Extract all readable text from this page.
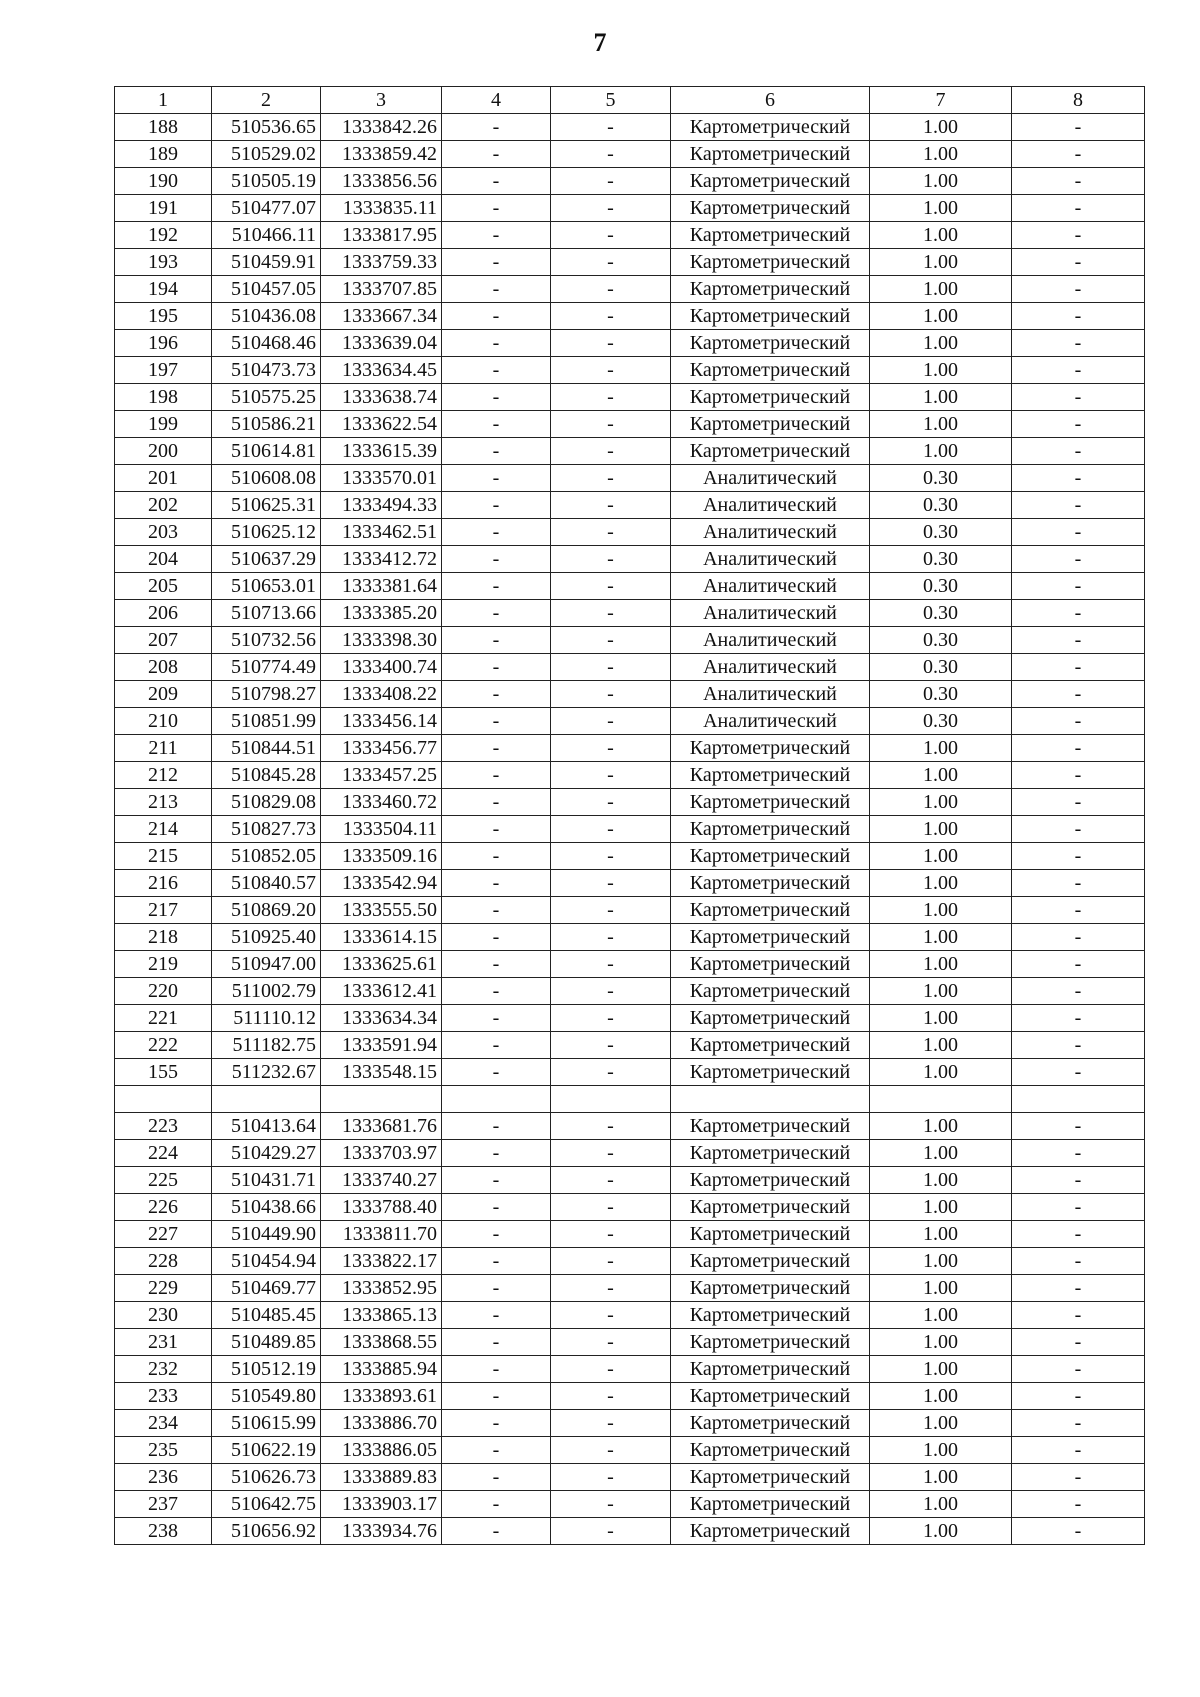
7
1	2	3	4	5	6	7	8
188	510536.65	1333842.26	-	-	Картометрический	1.00	-
189	510529.02	1333859.42	-	-	Картометрический	1.00	-
190	510505.19	1333856.56	-	-	Картометрический	1.00	-
191	510477.07	1333835.11	-	-	Картометрический	1.00	-
192	510466.11	1333817.95	-	-	Картометрический	1.00	-
193	510459.91	1333759.33	-	-	Картометрический	1.00	-
194	510457.05	1333707.85	-	-	Картометрический	1.00	-
195	510436.08	1333667.34	-	-	Картометрический	1.00	-
196	510468.46	1333639.04	-	-	Картометрический	1.00	-
197	510473.73	1333634.45	-	-	Картометрический	1.00	-
198	510575.25	1333638.74	-	-	Картометрический	1.00	-
199	510586.21	1333622.54	-	-	Картометрический	1.00	-
200	510614.81	1333615.39	-	-	Картометрический	1.00	-
201	510608.08	1333570.01	-	-	Аналитический	0.30	-
202	510625.31	1333494.33	-	-	Аналитический	0.30	-
203	510625.12	1333462.51	-	-	Аналитический	0.30	-
204	510637.29	1333412.72	-	-	Аналитический	0.30	-
205	510653.01	1333381.64	-	-	Аналитический	0.30	-
206	510713.66	1333385.20	-	-	Аналитический	0.30	-
207	510732.56	1333398.30	-	-	Аналитический	0.30	-
208	510774.49	1333400.74	-	-	Аналитический	0.30	-
209	510798.27	1333408.22	-	-	Аналитический	0.30	-
210	510851.99	1333456.14	-	-	Аналитический	0.30	-
211	510844.51	1333456.77	-	-	Картометрический	1.00	-
212	510845.28	1333457.25	-	-	Картометрический	1.00	-
213	510829.08	1333460.72	-	-	Картометрический	1.00	-
214	510827.73	1333504.11	-	-	Картометрический	1.00	-
215	510852.05	1333509.16	-	-	Картометрический	1.00	-
216	510840.57	1333542.94	-	-	Картометрический	1.00	-
217	510869.20	1333555.50	-	-	Картометрический	1.00	-
218	510925.40	1333614.15	-	-	Картометрический	1.00	-
219	510947.00	1333625.61	-	-	Картометрический	1.00	-
220	511002.79	1333612.41	-	-	Картометрический	1.00	-
221	511110.12	1333634.34	-	-	Картометрический	1.00	-
222	511182.75	1333591.94	-	-	Картометрический	1.00	-
155	511232.67	1333548.15	-	-	Картометрический	1.00	-

223	510413.64	1333681.76	-	-	Картометрический	1.00	-
224	510429.27	1333703.97	-	-	Картометрический	1.00	-
225	510431.71	1333740.27	-	-	Картометрический	1.00	-
226	510438.66	1333788.40	-	-	Картометрический	1.00	-
227	510449.90	1333811.70	-	-	Картометрический	1.00	-
228	510454.94	1333822.17	-	-	Картометрический	1.00	-
229	510469.77	1333852.95	-	-	Картометрический	1.00	-
230	510485.45	1333865.13	-	-	Картометрический	1.00	-
231	510489.85	1333868.55	-	-	Картометрический	1.00	-
232	510512.19	1333885.94	-	-	Картометрический	1.00	-
233	510549.80	1333893.61	-	-	Картометрический	1.00	-
234	510615.99	1333886.70	-	-	Картометрический	1.00	-
235	510622.19	1333886.05	-	-	Картометрический	1.00	-
236	510626.73	1333889.83	-	-	Картометрический	1.00	-
237	510642.75	1333903.17	-	-	Картометрический	1.00	-
238	510656.92	1333934.76	-	-	Картометрический	1.00	-
